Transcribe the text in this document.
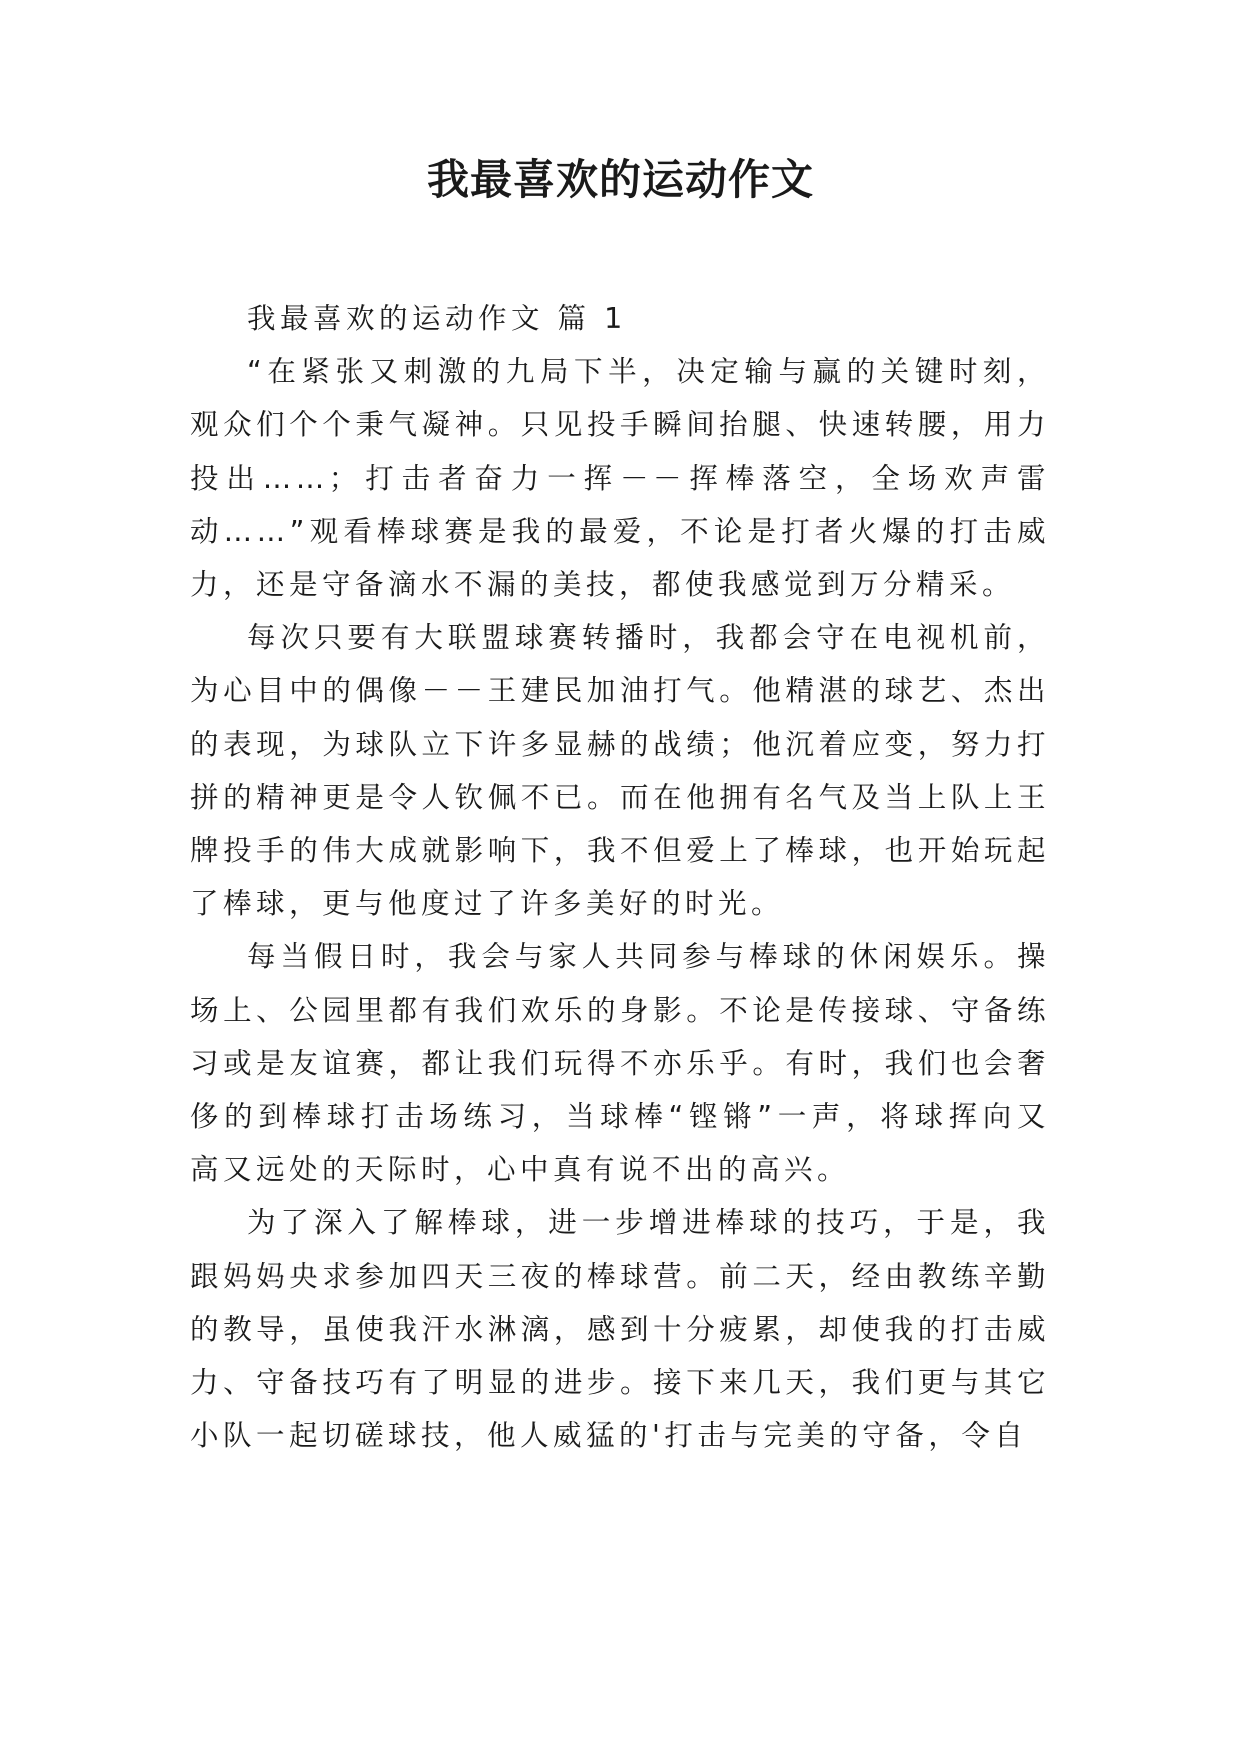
我最喜欢的运动作文

我最喜欢的运动作文 篇 1

“在紧张又刺激的九局下半，决定输与赢的关键时刻，观众们个个秉气凝神。只见投手瞬间抬腿、快速转腰，用力投出……；打击者奋力一挥－－挥棒落空，全场欢声雷动……”观看棒球赛是我的最爱，不论是打者火爆的打击威力，还是守备滴水不漏的美技，都使我感觉到万分精采。

每次只要有大联盟球赛转播时，我都会守在电视机前，为心目中的偶像－－王建民加油打气。他精湛的球艺、杰出的表现，为球队立下许多显赫的战绩；他沉着应变，努力打拼的精神更是令人钦佩不已。而在他拥有名气及当上队上王牌投手的伟大成就影响下，我不但爱上了棒球，也开始玩起了棒球，更与他度过了许多美好的时光。

每当假日时，我会与家人共同参与棒球的休闲娱乐。操场上、公园里都有我们欢乐的身影。不论是传接球、守备练习或是友谊赛，都让我们玩得不亦乐乎。有时，我们也会奢侈的到棒球打击场练习，当球棒“铿锵”一声，将球挥向又高又远处的天际时，心中真有说不出的高兴。

为了深入了解棒球，进一步增进棒球的技巧，于是，我跟妈妈央求参加四天三夜的棒球营。前二天，经由教练辛勤的教导，虽使我汗水淋漓，感到十分疲累，却使我的打击威力、守备技巧有了明显的进步。接下来几天，我们更与其它小队一起切磋球技，他人威猛的'打击与完美的守备，令自
